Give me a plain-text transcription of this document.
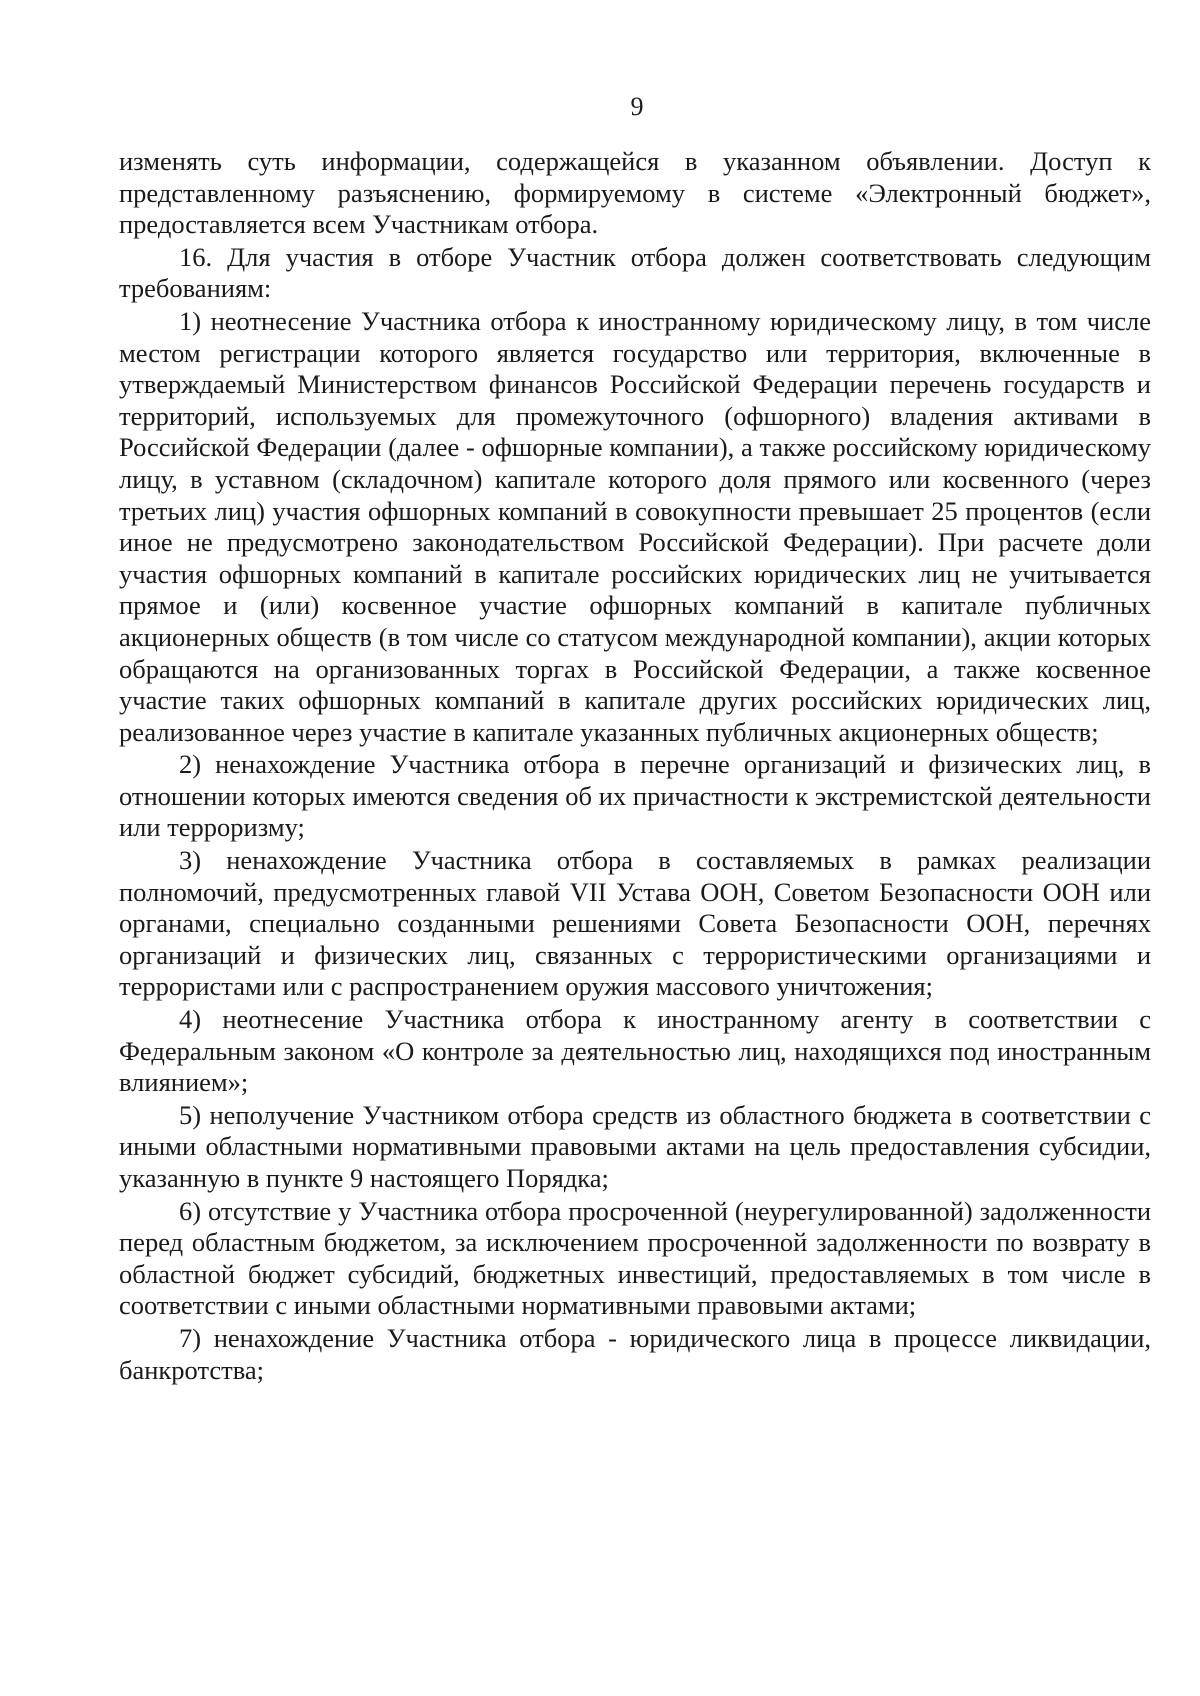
9

изменять суть информации, содержащейся в указанном объявлении. Доступ к представленному разъяснению, формируемому в системе «Электронный бюджет», предоставляется всем Участникам отбора.

16. Для участия в отборе Участник отбора должен соответствовать следующим требованиям:

1) неотнесение Участника отбора к иностранному юридическому лицу, в том числе местом регистрации которого является государство или территория, включенные в утверждаемый Министерством финансов Российской Федерации перечень государств и территорий, используемых для промежуточного (офшорного) владения активами в Российской Федерации (далее - офшорные компании), а также российскому юридическому лицу, в уставном (складочном) капитале которого доля прямого или косвенного (через третьих лиц) участия офшорных компаний в совокупности превышает 25 процентов (если иное не предусмотрено законодательством Российской Федерации). При расчете доли участия офшорных компаний в капитале российских юридических лиц не учитывается прямое и (или) косвенное участие офшорных компаний в капитале публичных акционерных обществ (в том числе со статусом международной компании), акции которых обращаются на организованных торгах в Российской Федерации, а также косвенное участие таких офшорных компаний в капитале других российских юридических лиц, реализованное через участие в капитале указанных публичных акционерных обществ;

2) ненахождение Участника отбора в перечне организаций и физических лиц, в отношении которых имеются сведения об их причастности к экстремистской деятельности или терроризму;

3) ненахождение Участника отбора в составляемых в рамках реализации полномочий, предусмотренных главой VII Устава ООН, Советом Безопасности ООН или органами, специально созданными решениями Совета Безопасности ООН, перечнях организаций и физических лиц, связанных с террористическими организациями и террористами или с распространением оружия массового уничтожения;

4) неотнесение Участника отбора к иностранному агенту в соответствии с Федеральным законом «О контроле за деятельностью лиц, находящихся под иностранным влиянием»;

5) неполучение Участником отбора средств из областного бюджета в соответствии с иными областными нормативными правовыми актами на цель предоставления субсидии, указанную в пункте 9 настоящего Порядка;

6) отсутствие у Участника отбора просроченной (неурегулированной) задолженности перед областным бюджетом, за исключением просроченной задолженности по возврату в областной бюджет субсидий, бюджетных инвестиций, предоставляемых в том числе в соответствии с иными областными нормативными правовыми актами;

7) ненахождение Участника отбора - юридического лица в процессе ликвидации, банкротства;
